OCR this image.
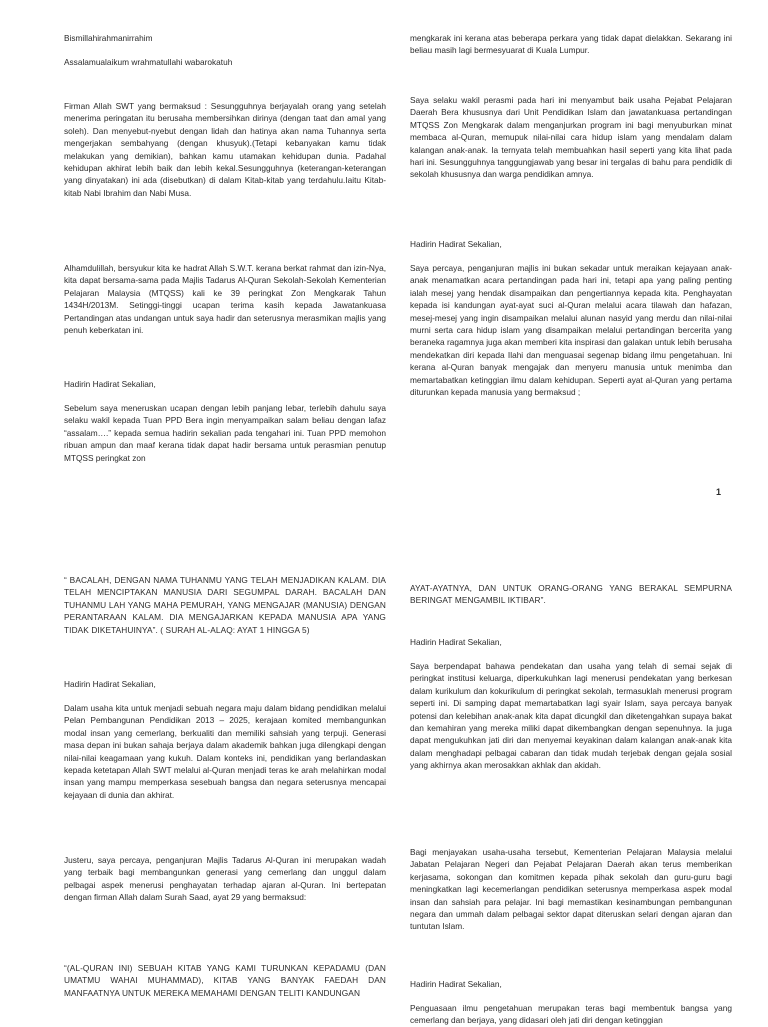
Bismillahirahmanirrahim

Assalamualaikum wrahmatullahi wabarokatuh

Firman Allah SWT yang bermaksud : Sesungguhnya berjayalah orang yang setelah menerima peringatan itu berusaha membersihkan dirinya (dengan taat dan amal yang soleh). Dan menyebut-nyebut dengan lidah dan hatinya akan nama Tuhannya serta mengerjakan sembahyang (dengan khusyuk).(Tetapi kebanyakan kamu tidak melakukan yang demikian), bahkan kamu utamakan kehidupan dunia. Padahal kehidupan akhirat lebih baik dan lebih kekal.Sesungguhnya (keterangan-keterangan yang dinyatakan) ini ada (disebutkan) di dalam Kitab-kitab yang terdahulu.Iaitu Kitab-kitab Nabi Ibrahim dan Nabi Musa.

Alhamdulillah, bersyukur kita ke hadrat Allah S.W.T. kerana berkat rahmat dan izin-Nya, kita dapat bersama-sama pada Majlis Tadarus Al-Quran Sekolah-Sekolah Kementerian Pelajaran Malaysia (MTQSS) kali ke 39 peringkat Zon Mengkarak Tahun 1434H/2013M. Setinggi-tinggi ucapan terima kasih kepada Jawatankuasa Pertandingan atas undangan untuk saya hadir dan seterusnya merasmikan majlis yang penuh keberkatan ini.

Hadirin Hadirat Sekalian,

Sebelum saya meneruskan ucapan dengan lebih panjang lebar, terlebih dahulu saya selaku wakil kepada Tuan PPD Bera ingin menyampaikan salam beliau dengan lafaz “assalam….” kepada semua hadirin sekalian pada tengahari ini. Tuan PPD memohon ribuan ampun dan maaf kerana tidak dapat hadir bersama untuk perasmian penutup MTQSS peringkat zon

mengkarak ini kerana atas beberapa perkara yang tidak dapat dielakkan. Sekarang ini beliau masih lagi bermesyuarat di Kuala Lumpur.

Saya selaku wakil perasmi pada hari ini menyambut baik usaha Pejabat Pelajaran Daerah Bera khususnya dari Unit Pendidikan Islam dan jawatankuasa pertandingan MTQSS Zon Mengkarak dalam menganjurkan program ini bagi menyuburkan minat membaca al-Quran, memupuk nilai-nilai cara hidup islam yang mendalam dalam kalangan anak-anak. Ia ternyata telah membuahkan hasil seperti yang kita lihat pada hari ini. Sesungguhnya tanggungjawab yang besar ini tergalas di bahu para pendidik di sekolah khususnya dan warga pendidikan amnya.

Hadirin Hadirat Sekalian,

Saya percaya, penganjuran majlis ini bukan sekadar untuk meraikan kejayaan anak-anak menamatkan acara pertandingan pada hari ini, tetapi apa yang paling penting ialah mesej yang hendak disampaikan dan pengertiannya kepada kita. Penghayatan kepada isi kandungan ayat-ayat suci al-Quran melalui acara tilawah dan hafazan, mesej-mesej yang ingin disampaikan melalui alunan nasyid yang merdu dan nilai-nilai murni serta cara hidup islam yang disampaikan melalui pertandingan bercerita yang beraneka ragamnya juga akan memberi kita inspirasi dan galakan untuk lebih berusaha mendekatkan diri kepada Ilahi dan menguasai segenap bidang ilmu pengetahuan. Ini kerana al-Quran banyak mengajak dan menyeru manusia untuk menimba dan memartabatkan ketinggian ilmu dalam kehidupan. Seperti ayat al-Quran yang pertama diturunkan kepada manusia yang bermaksud ;

1

“ BACALAH, DENGAN NAMA TUHANMU YANG TELAH MENJADIKAN KALAM. DIA TELAH MENCIPTAKAN MANUSIA DARI SEGUMPAL DARAH. BACALAH DAN TUHANMU LAH YANG MAHA PEMURAH, YANG MENGAJAR (MANUSIA) DENGAN PERANTARAAN KALAM. DIA MENGAJARKAN KEPADA MANUSIA APA YANG TIDAK DIKETAHUINYA”. ( SURAH AL-ALAQ: AYAT 1 HINGGA 5)

Hadirin Hadirat Sekalian,

Dalam usaha kita untuk menjadi sebuah negara maju dalam bidang pendidikan melalui Pelan Pembangunan Pendidikan 2013 – 2025, kerajaan komited membangunkan modal insan yang cemerlang, berkualiti dan memiliki sahsiah yang terpuji. Generasi masa depan ini bukan sahaja berjaya dalam akademik bahkan juga dilengkapi dengan nilai-nilai keagamaan yang kukuh. Dalam konteks ini, pendidikan yang berlandaskan kepada ketetapan Allah SWT melalui al-Quran menjadi teras ke arah melahirkan modal insan yang mampu memperkasa sesebuah bangsa dan negara seterusnya mencapai kejayaan di dunia dan akhirat.

Justeru, saya percaya, penganjuran Majlis Tadarus Al-Quran ini merupakan wadah yang terbaik bagi membangunkan generasi yang cemerlang dan unggul dalam pelbagai aspek menerusi penghayatan terhadap ajaran al-Quran. Ini bertepatan dengan firman Allah dalam Surah Saad, ayat 29 yang bermaksud:

“(AL-QURAN INI) SEBUAH KITAB YANG KAMI TURUNKAN KEPADAMU (DAN UMATMU WAHAI MUHAMMAD), KITAB YANG BANYAK FAEDAH DAN MANFAATNYA UNTUK MEREKA MEMAHAMI DENGAN TELITI KANDUNGAN

AYAT-AYATNYA, DAN UNTUK ORANG-ORANG YANG BERAKAL SEMPURNA BERINGAT MENGAMBIL IKTIBAR”.

Hadirin Hadirat Sekalian,

Saya berpendapat bahawa pendekatan dan usaha yang telah di semai sejak di peringkat institusi keluarga, diperkukuhkan lagi menerusi pendekatan yang berkesan dalam kurikulum dan kokurikulum di peringkat sekolah, termasuklah menerusi program seperti ini. Di samping dapat memartabatkan lagi syair Islam, saya percaya banyak potensi dan kelebihan anak-anak kita dapat dicungkil dan diketengahkan supaya bakat dan kemahiran yang mereka miliki dapat dikembangkan dengan sepenuhnya. Ia juga dapat mengukuhkan jati diri dan menyemai keyakinan dalam kalangan anak-anak kita dalam menghadapi pelbagai cabaran dan tidak mudah terjebak dengan gejala sosial yang akhirnya akan merosakkan akhlak dan akidah.

Bagi menjayakan usaha-usaha tersebut, Kementerian Pelajaran Malaysia melalui Jabatan Pelajaran Negeri dan Pejabat Pelajaran Daerah akan terus memberikan kerjasama, sokongan dan komitmen kepada pihak sekolah dan guru-guru bagi meningkatkan lagi kecemerlangan pendidikan seterusnya memperkasa aspek modal insan dan sahsiah para pelajar. Ini bagi memastikan kesinambungan pembangunan negara dan ummah dalam pelbagai sektor dapat diteruskan selari dengan ajaran dan tuntutan Islam.

Hadirin Hadirat Sekalian,

Penguasaan ilmu pengetahuan merupakan teras bagi membentuk bangsa yang cemerlang dan berjaya, yang didasari oleh jati diri dengan ketinggian
